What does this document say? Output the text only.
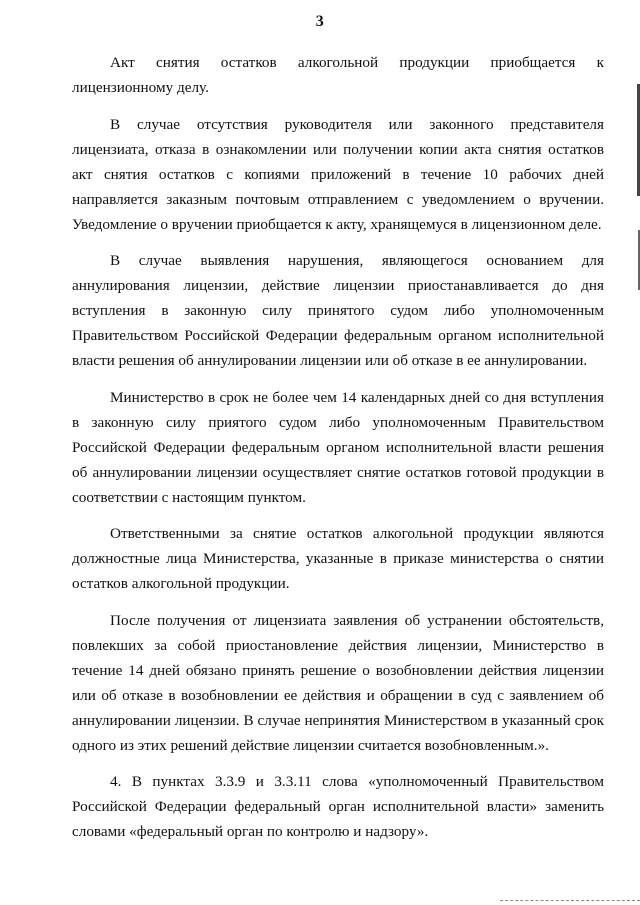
3

Акт снятия остатков алкогольной продукции приобщается к лицензионному делу.

В случае отсутствия руководителя или законного представителя лицензиата, отказа в ознакомлении или получении копии акта снятия остатков акт снятия остатков с копиями приложений в течение 10 рабочих дней направляется заказным почтовым отправлением с уведомлением о вручении. Уведомление о вручении приобщается к акту, хранящемуся в лицензионном деле.

В случае выявления нарушения, являющегося основанием для аннулирования лицензии, действие лицензии приостанавливается до дня вступления в законную силу принятого судом либо уполномоченным Правительством Российской Федерации федеральным органом исполнительной власти решения об аннулировании лицензии или об отказе в ее аннулировании.

Министерство в срок не более чем 14 календарных дней со дня вступления в законную силу приятого судом либо уполномоченным Правительством Российской Федерации федеральным органом исполнительной власти решения об аннулировании лицензии осуществляет снятие остатков готовой продукции в соответствии с настоящим пунктом.

Ответственными за снятие остатков алкогольной продукции являются должностные лица Министерства, указанные в приказе министерства о снятии остатков алкогольной продукции.

После получения от лицензиата заявления об устранении обстоятельств, повлекших за собой приостановление действия лицензии, Министерство в течение 14 дней обязано принять решение о возобновлении действия лицензии или об отказе в возобновлении ее действия и обращении в суд с заявлением об аннулировании лицензии. В случае непринятия Министерством в указанный срок одного из этих решений действие лицензии считается возобновленным.».

4. В пунктах 3.3.9 и 3.3.11 слова «уполномоченный Правительством Российской Федерации федеральный орган исполнительной власти» заменить словами «федеральный орган по контролю и надзору».
